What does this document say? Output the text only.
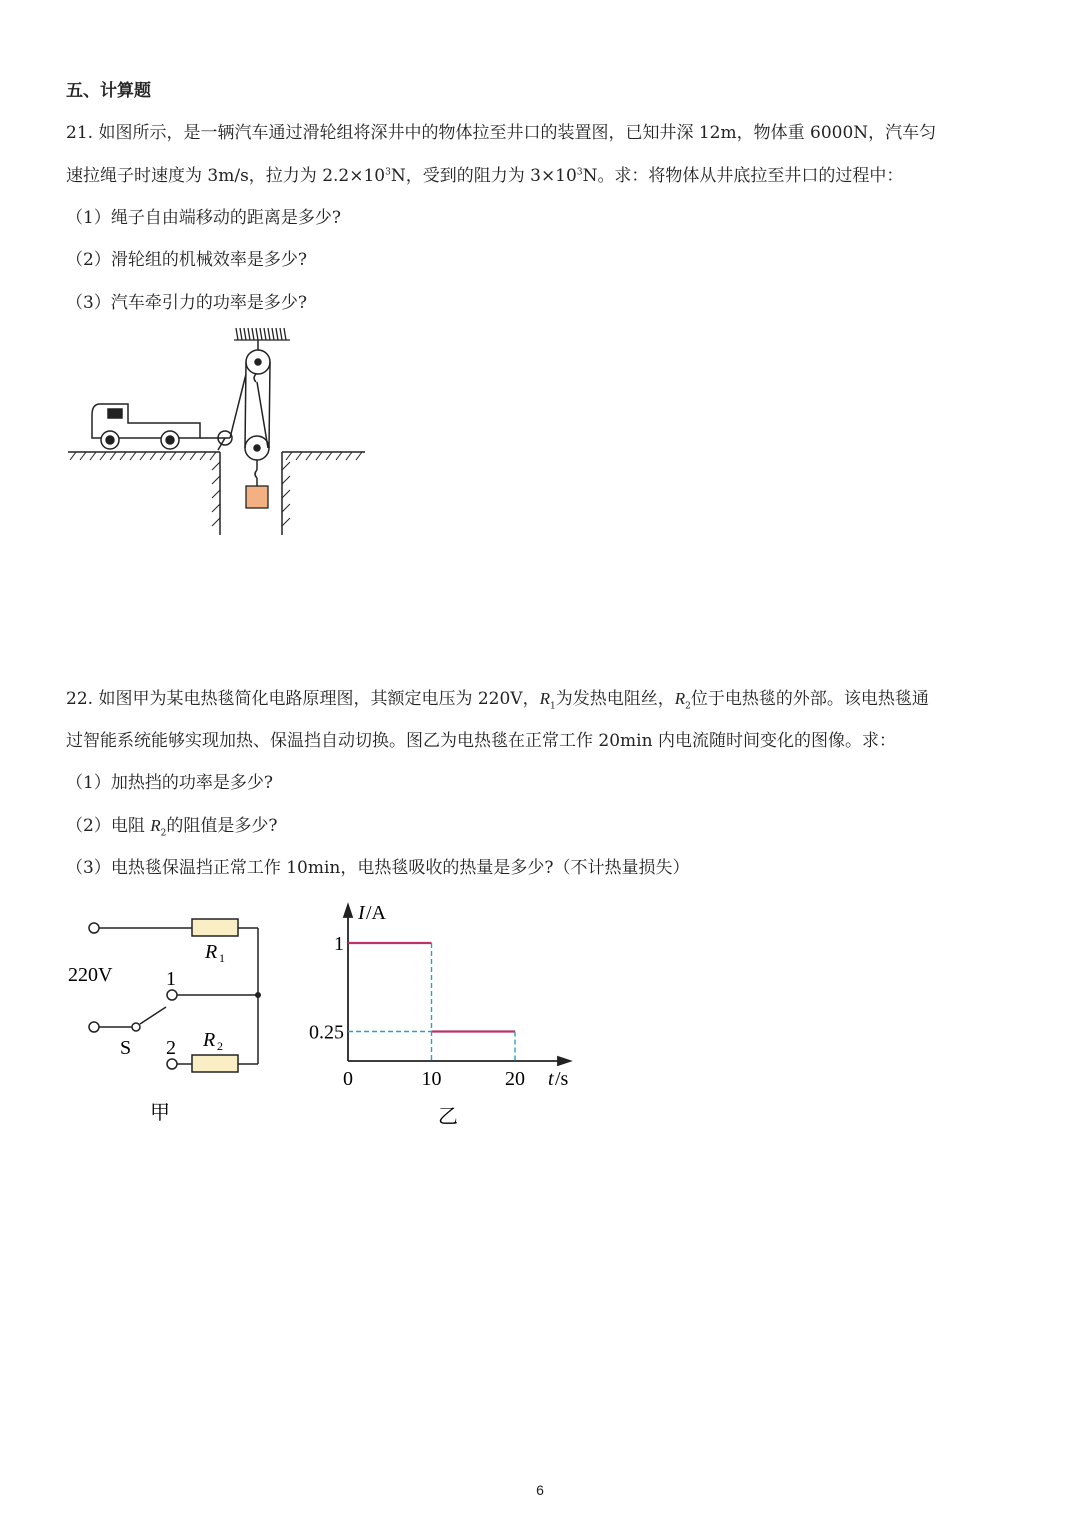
五、计算题
21. 如图所示，是一辆汽车通过滑轮组将深井中的物体拉至井口的装置图，已知井深 12m，物体重 6000N，汽车匀
速拉绳子时速度为 3m/s，拉力为 $2.2\times 10^3N$，受到的阻力为 $3\times 10^3N$。求：将物体从井底拉至井口的过程中：
（1）绳子自由端移动的距离是多少?
（2）滑轮组的机械效率是多少?
（3）汽车牵引力的功率是多少?
22. 如图甲为某电热毯简化电路原理图，其额定电压为 220V，$R_1$为发热电阻丝，$R_2$位于电热毯的外部。该电热毯通
过智能系统能够实现加热、保温挡自动切换。图乙为电热毯在正常工作 20min 内电流随时间变化的图像。求：
（1）加热挡的功率是多少?
（2）电阻 $R_2$的阻值是多少?
（3）电热毯保温挡正常工作 10min，电热毯吸收的热量是多少?（不计热量损失）
220V
R 1
R 2
1
2
S
甲
0	10	20
0.25
1
I /A
t /s
乙
6
